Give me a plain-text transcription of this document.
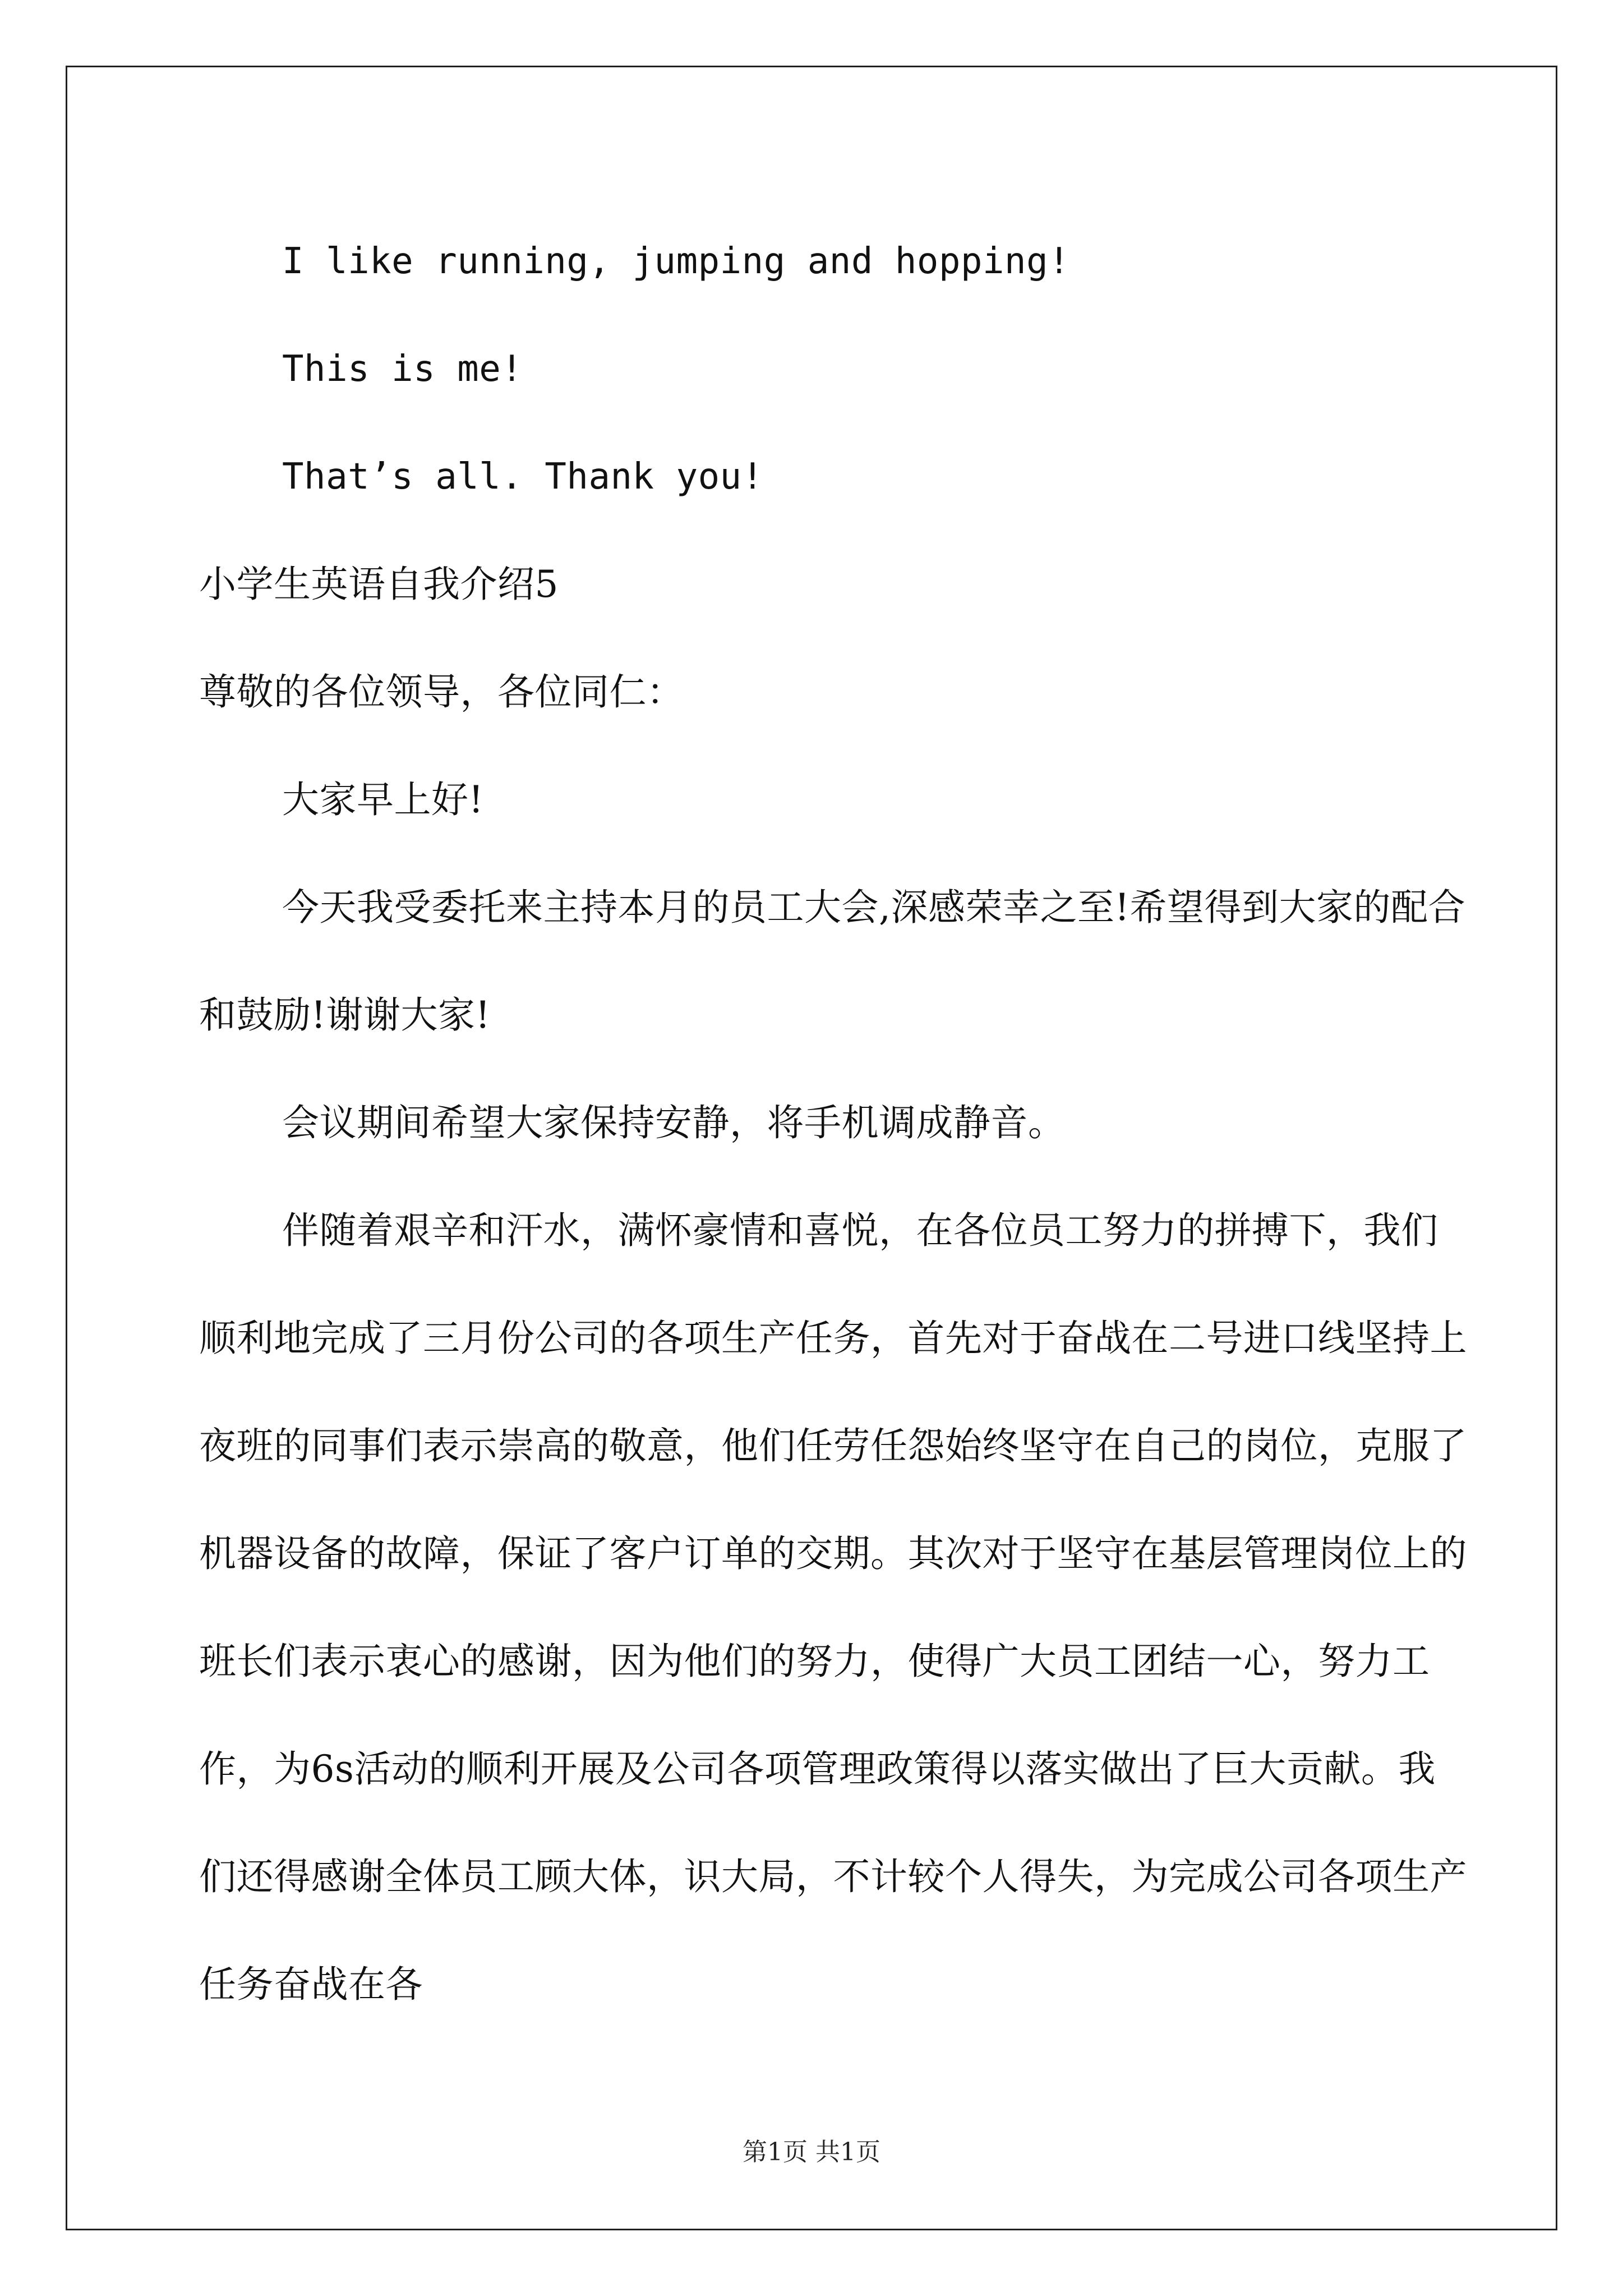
I like running, jumping and hopping!

This is me!

That’s all. Thank you!

小学生英语自我介绍5

尊敬的各位领导，各位同仁：

大家早上好!

今天我受委托来主持本月的员工大会,深感荣幸之至!希望得到大家的配合和鼓励!谢谢大家!

会议期间希望大家保持安静，将手机调成静音。

伴随着艰辛和汗水，满怀豪情和喜悦，在各位员工努力的拼搏下，我们顺利地完成了三月份公司的各项生产任务，首先对于奋战在二号进口线坚持上夜班的同事们表示崇高的敬意，他们任劳任怨始终坚守在自己的岗位，克服了机器设备的故障，保证了客户订单的交期。其次对于坚守在基层管理岗位上的班长们表示衷心的感谢，因为他们的努力，使得广大员工团结一心，努力工作，为6s活动的顺利开展及公司各项管理政策得以落实做出了巨大贡献。我们还得感谢全体员工顾大体，识大局，不计较个人得失，为完成公司各项生产任务奋战在各

第1页 共1页
